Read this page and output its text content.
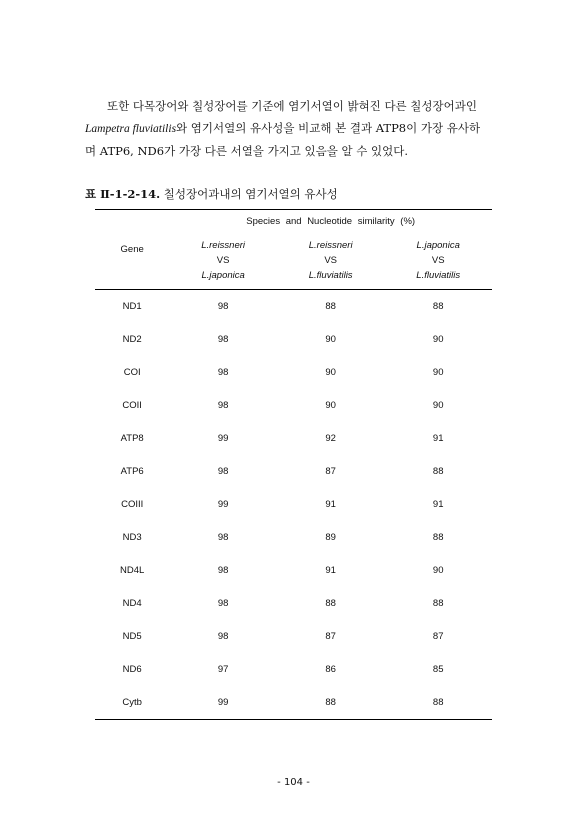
또한 다목장어와 칠성장어를 기준에 염기서열이 밝혀진 다른 칠성장어과인
Lampetra fluviatilis와 염기서열의 유사성을 비교해 본 결과 ATP8이 가장 유사하
며 ATP6, ND6가 가장 다른 서열을 가지고 있음을 알 수 있었다.
표 Ⅱ-1-2-14. 칠성장어과내의 염기서열의 유사성
Gene	Species and Nucleotide similarity (%)		

	L.reissneri
VS
L.japonica	L.reissneri
VS
L.fluviatilis	L.japonica
VS
L.fluviatilis

ND1	98	88	88
ND2	98	90	90
COI	98	90	90
COII	98	90	90
ATP8	99	92	91
ATP6	98	87	88
COIII	99	91	91
ND3	98	89	88
ND4L	98	91	90
ND4	98	88	88
ND5	98	87	87
ND6	97	86	85
Cytb	99	88	88
- 104 -
